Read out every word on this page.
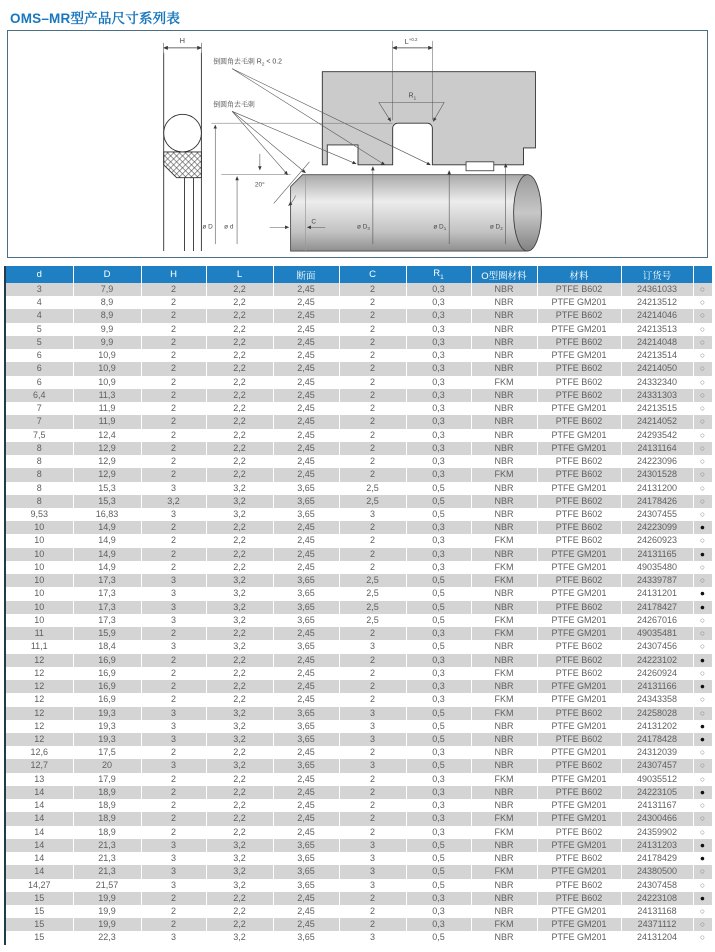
OMS–MR型产品尺寸系列表
H	$L^{+0.2}$
$R_1$
倒圆角去毛刺 $R_2 < 0.2$
倒圆角去毛刺
20°
ø D ø d
C
ø $D_3$	ø $D_1$	ø $D_2$
d	D	H	L	断面	C	$R_1$	O型圈材料	材料	订货号	
3	7,9	2	2,2	2,45	2	0,3	NBR	PTFE B602	24361033	○
4	8,9	2	2,2	2,45	2	0,3	NBR	PTFE GM201	24213512	○
4	8,9	2	2,2	2,45	2	0,3	NBR	PTFE B602	24214046	○
5	9,9	2	2,2	2,45	2	0,3	NBR	PTFE GM201	24213513	○
5	9,9	2	2,2	2,45	2	0,3	NBR	PTFE B602	24214048	○
6	10,9	2	2,2	2,45	2	0,3	NBR	PTFE GM201	24213514	○
6	10,9	2	2,2	2,45	2	0,3	NBR	PTFE B602	24214050	○
6	10,9	2	2,2	2,45	2	0,3	FKM	PTFE B602	24332340	○
6,4	11,3	2	2,2	2,45	2	0,3	NBR	PTFE B602	24331303	○
7	11,9	2	2,2	2,45	2	0,3	NBR	PTFE GM201	24213515	○
7	11,9	2	2,2	2,45	2	0,3	NBR	PTFE B602	24214052	○
7,5	12,4	2	2,2	2,45	2	0,3	NBR	PTFE GM201	24293542	○
8	12,9	2	2,2	2,45	2	0,3	NBR	PTFE GM201	24131164	○
8	12,9	2	2,2	2,45	2	0,3	NBR	PTFE B602	24223096	○
8	12,9	2	2,2	2,45	2	0,3	FKM	PTFE B602	24301528	○
8	15,3	3	3,2	3,65	2,5	0,5	NBR	PTFE GM201	24131200	○
8	15,3	3,2	3,2	3,65	2,5	0,5	NBR	PTFE B602	24178426	○
9,53	16,83	3	3,2	3,65	3	0,5	NBR	PTFE B602	24307455	○
10	14,9	2	2,2	2,45	2	0,3	NBR	PTFE B602	24223099	●
10	14,9	2	2,2	2,45	2	0,3	FKM	PTFE B602	24260923	○
10	14,9	2	2,2	2,45	2	0,3	NBR	PTFE GM201	24131165	●
10	14,9	2	2,2	2,45	2	0,3	FKM	PTFE GM201	49035480	○
10	17,3	3	3,2	3,65	2,5	0,5	FKM	PTFE B602	24339787	○
10	17,3	3	3,2	3,65	2,5	0,5	NBR	PTFE GM201	24131201	●
10	17,3	3	3,2	3,65	2,5	0,5	NBR	PTFE B602	24178427	●
10	17,3	3	3,2	3,65	2,5	0,5	FKM	PTFE GM201	24267016	○
11	15,9	2	2,2	2,45	2	0,3	FKM	PTFE GM201	49035481	○
11,1	18,4	3	3,2	3,65	3	0,5	NBR	PTFE B602	24307456	○
12	16,9	2	2,2	2,45	2	0,3	NBR	PTFE B602	24223102	●
12	16,9	2	2,2	2,45	2	0,3	FKM	PTFE B602	24260924	○
12	16,9	2	2,2	2,45	2	0,3	NBR	PTFE GM201	24131166	●
12	16,9	2	2,2	2,45	2	0,3	FKM	PTFE GM201	24343358	○
12	19,3	3	3,2	3,65	3	0,5	FKM	PTFE B602	24258028	○
12	19,3	3	3,2	3,65	3	0,5	NBR	PTFE GM201	24131202	●
12	19,3	3	3,2	3,65	3	0,5	NBR	PTFE B602	24178428	●
12,6	17,5	2	2,2	2,45	2	0,3	NBR	PTFE GM201	24312039	○
12,7	20	3	3,2	3,65	3	0,5	NBR	PTFE B602	24307457	○
13	17,9	2	2,2	2,45	2	0,3	FKM	PTFE GM201	49035512	○
14	18,9	2	2,2	2,45	2	0,3	NBR	PTFE B602	24223105	●
14	18,9	2	2,2	2,45	2	0,3	NBR	PTFE GM201	24131167	○
14	18,9	2	2,2	2,45	2	0,3	FKM	PTFE GM201	24300466	○
14	18,9	2	2,2	2,45	2	0,3	FKM	PTFE B602	24359902	○
14	21,3	3	3,2	3,65	3	0,5	NBR	PTFE GM201	24131203	●
14	21,3	3	3,2	3,65	3	0,5	NBR	PTFE B602	24178429	●
14	21,3	3	3,2	3,65	3	0,5	FKM	PTFE GM201	24380500	○
14,27	21,57	3	3,2	3,65	3	0,5	NBR	PTFE B602	24307458	○
15	19,9	2	2,2	2,45	2	0,3	NBR	PTFE B602	24223108	●
15	19,9	2	2,2	2,45	2	0,3	NBR	PTFE GM201	24131168	○
15	19,9	2	2,2	2,45	2	0,3	FKM	PTFE GM201	24371112	○
15	22,3	3	3,2	3,65	3	0,5	NBR	PTFE GM201	24131204	○
